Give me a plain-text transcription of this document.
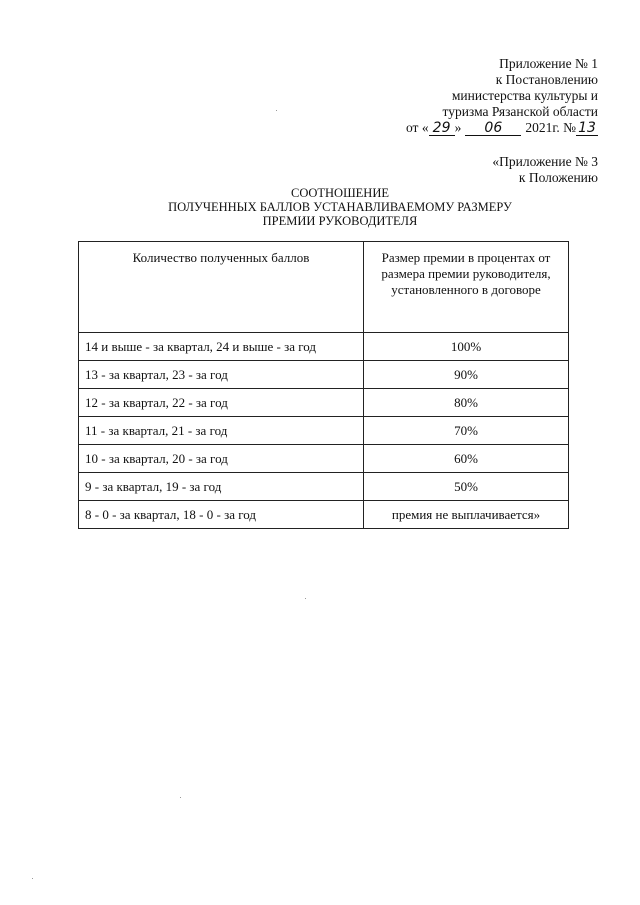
Приложение № 1
к Постановлению
министерства культуры и
туризма Рязанской области
от « 29 » 06 2021г. № 13
«Приложение № 3
к Положению
СООТНОШЕНИЕ
ПОЛУЧЕННЫХ БАЛЛОВ УСТАНАВЛИВАЕМОМУ РАЗМЕРУ
ПРЕМИИ РУКОВОДИТЕЛЯ
Количество полученных баллов	Размер премии в процентах от размера премии руководителя, установленного в договоре
14 и выше - за квартал, 24 и выше - за год	100%
13 - за квартал, 23 - за год	90%
12 - за квартал, 22 - за год	80%
11 - за квартал, 21 - за год	70%
10 - за квартал, 20 - за год	60%
9 - за квартал, 19 - за год	50%
8 - 0 - за квартал, 18 - 0 - за год	премия не выплачивается»
